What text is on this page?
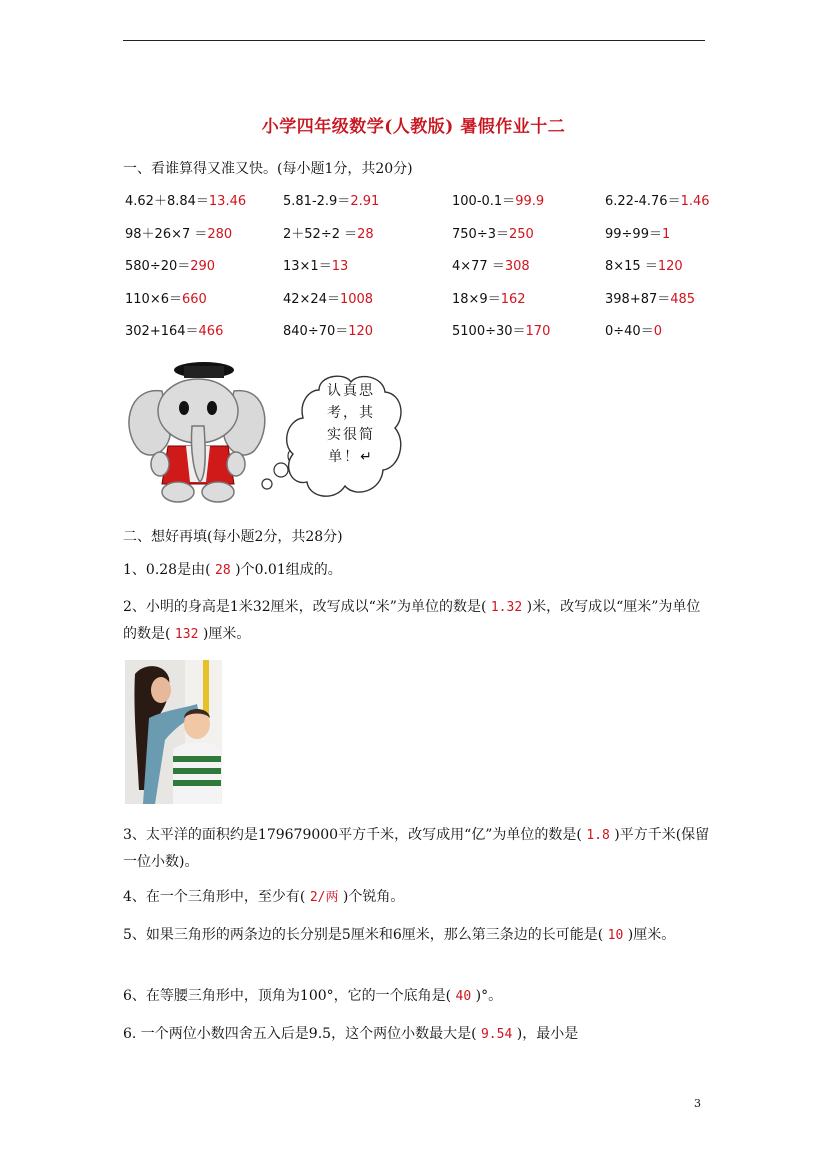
小学四年级数学(人教版) 暑假作业十二
一、看谁算得又准又快。(每小题1分，共20分)
4.62＋8.84＝13.46	5.81-2.9＝2.91	100-0.1＝99.9	6.22-4.76＝1.46
98＋26×7 ＝280	2＋52÷2 ＝28	750÷3＝250	99÷99＝1
580÷20＝290	13×1＝13	4×77 ＝308	8×15 ＝120
110×6＝660	42×24＝1008	18×9＝162	398+87＝485
302+164＝466	840÷70＝120	5100÷30＝170	0÷40＝0
认真思考，其实很简单！↵
二、想好再填(每小题2分，共28分)
1、0.28是由( 28 )个0.01组成的。
2、小明的身高是1米32厘米，改写成以“米”为单位的数是( 1.32 )米，改写成以“厘米”为单位的数是( 132 )厘米。
3、太平洋的面积约是179679000平方千米，改写成用“亿”为单位的数是( 1.8 )平方千米(保留一位小数)。
4、在一个三角形中，至少有( 2/两 )个锐角。
5、如果三角形的两条边的长分别是5厘米和6厘米，那么第三条边的长可能是( 10 )厘米。
6、在等腰三角形中，顶角为100°，它的一个底角是( 40 )°。
6. 一个两位小数四舍五入后是9.5，这个两位小数最大是( 9.54 )，最小是
3
